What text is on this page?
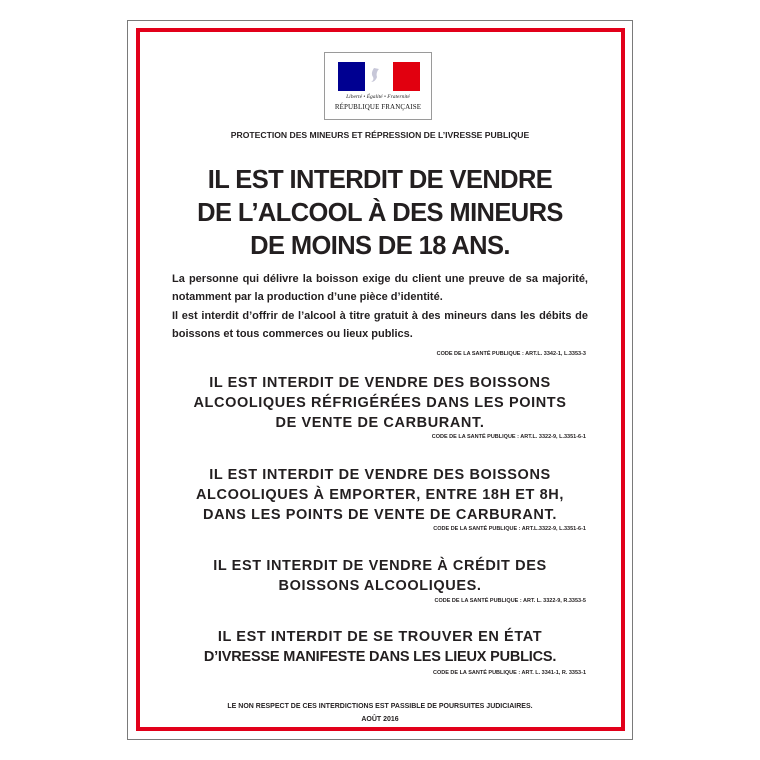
Liberté • Égalité • Fraternité
RÉPUBLIQUE FRANÇAISE
PROTECTION DES MINEURS ET RÉPRESSION DE L’IVRESSE PUBLIQUE
IL EST INTERDIT DE VENDRE
DE L’ALCOOL À DES MINEURS
DE MOINS DE 18 ANS.
La personne qui délivre la boisson exige du client une preuve de sa majorité, notamment par la production d’une pièce d’identité.
Il est interdit d’offrir de l’alcool à titre gratuit à des mineurs dans les débits de boissons et tous commerces ou lieux publics.
CODE DE LA SANTÉ PUBLIQUE : ART.L. 3342-1, L.3353-3
IL EST INTERDIT DE VENDRE DES BOISSONS
ALCOOLIQUES RÉFRIGÉRÉES DANS LES POINTS
DE VENTE DE CARBURANT.
CODE DE LA SANTÉ PUBLIQUE : ART.L. 3322-9, L.3351-6-1
IL EST INTERDIT DE VENDRE DES BOISSONS
ALCOOLIQUES À EMPORTER, ENTRE 18H ET 8H,
DANS LES POINTS DE VENTE DE CARBURANT.
CODE DE LA SANTÉ PUBLIQUE : ART.L.3322-9, L.3351-6-1
IL EST INTERDIT DE VENDRE À CRÉDIT DES
BOISSONS ALCOOLIQUES.
CODE DE LA SANTÉ PUBLIQUE : ART. L. 3322-9, R.3353-5
IL EST INTERDIT DE SE TROUVER EN ÉTAT
D’IVRESSE MANIFESTE DANS LES LIEUX PUBLICS.
CODE DE LA SANTÉ PUBLIQUE : ART. L. 3341-1, R. 3353-1
LE NON RESPECT DE CES INTERDICTIONS EST PASSIBLE DE POURSUITES JUDICIAIRES.
AOÛT 2016
